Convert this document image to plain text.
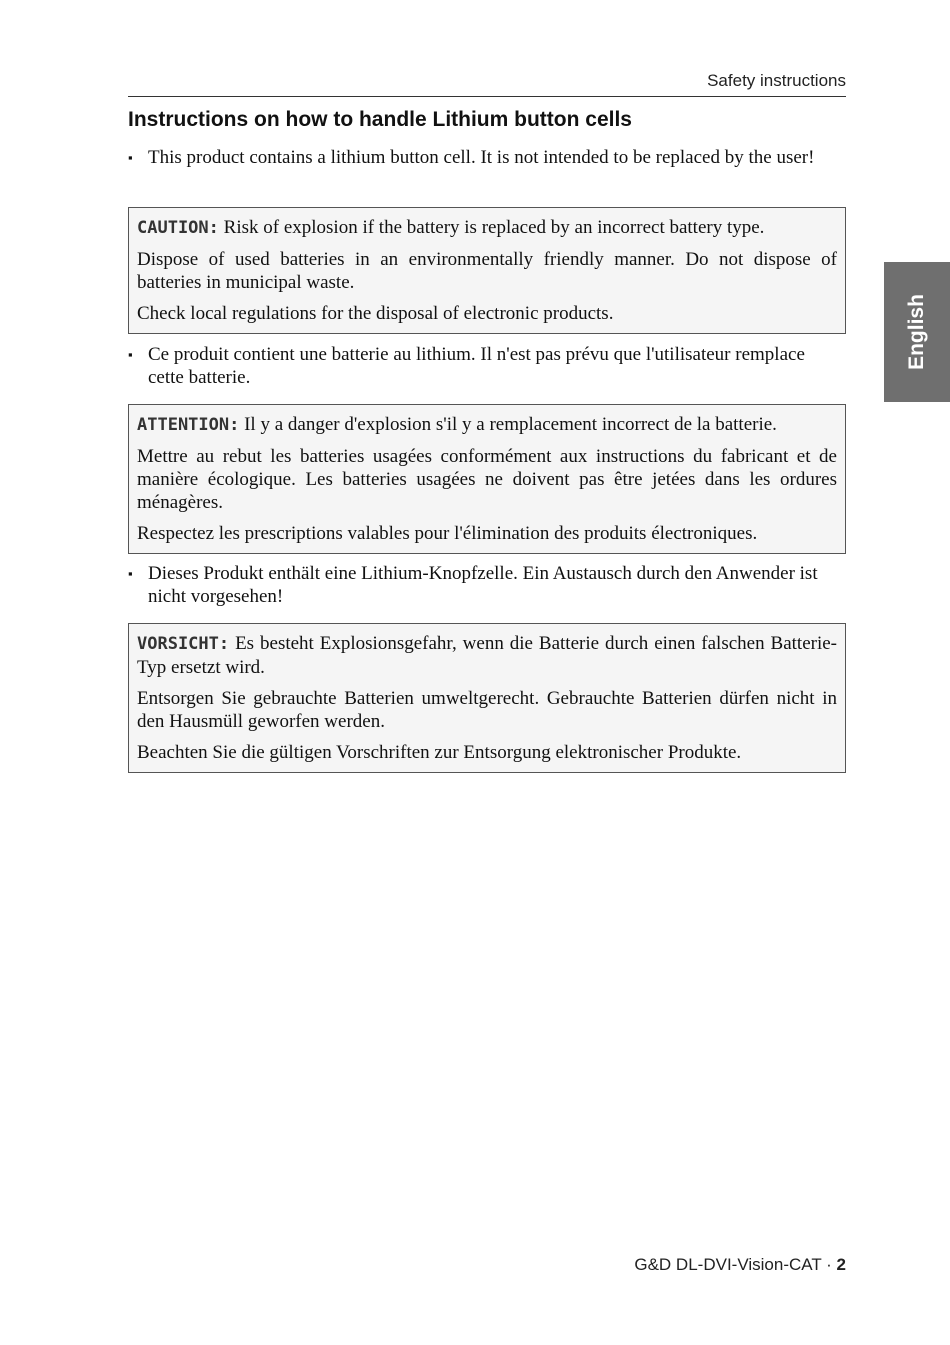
Safety instructions
Instructions on how to handle Lithium button cells
▪ This product contains a lithium button cell. It is not intended to be replaced by the user!

CAUTION: Risk of explosion if the battery is replaced by an incorrect battery type.

Dispose of used batteries in an environmentally friendly manner. Do not dispose of batteries in municipal waste.

Check local regulations for the disposal of electronic products.

▪ Ce produit contient une batterie au lithium. Il n'est pas prévu que l'utilisateur remplace cette batterie.

ATTENTION: Il y a danger d'explosion s'il y a remplacement incorrect de la batterie.

Mettre au rebut les batteries usagées conformément aux instructions du fabricant et de manière écologique. Les batteries usagées ne doivent pas être jetées dans les ordures ménagères.

Respectez les prescriptions valables pour l'élimination des produits électroniques.

▪ Dieses Produkt enthält eine Lithium-Knopfzelle. Ein Austausch durch den Anwender ist nicht vorgesehen!

VORSICHT: Es besteht Explosionsgefahr, wenn die Batterie durch einen falschen Batterie-Typ ersetzt wird.

Entsorgen Sie gebrauchte Batterien umweltgerecht. Gebrauchte Batterien dürfen nicht in den Hausmüll geworfen werden.

Beachten Sie die gültigen Vorschriften zur Entsorgung elektronischer Produkte.

English
G&D DL-DVI-Vision-CAT · 2
